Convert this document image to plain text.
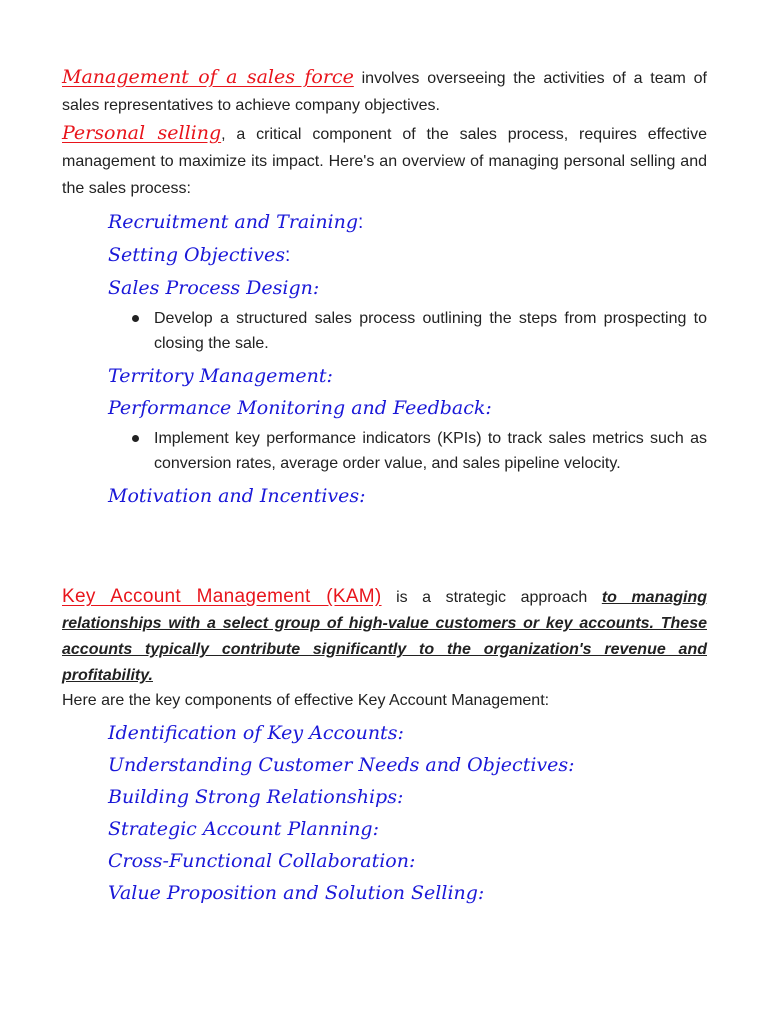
Management of a sales force involves overseeing the activities of a team of sales representatives to achieve company objectives.

Personal selling, a critical component of the sales process, requires effective management to maximize its impact. Here's an overview of managing personal selling and the sales process:

Recruitment and Training:

Setting Objectives:

Sales Process Design:

Develop a structured sales process outlining the steps from prospecting to closing the sale.

Territory Management:

Performance Monitoring and Feedback:

Implement key performance indicators (KPIs) to track sales metrics such as conversion rates, average order value, and sales pipeline velocity.

Motivation and Incentives:

Key Account Management (KAM) is a strategic approach to managing relationships with a select group of high-value customers or key accounts. These accounts typically contribute significantly to the organization's revenue and profitability.

Here are the key components of effective Key Account Management:

Identification of Key Accounts:

Understanding Customer Needs and Objectives:

Building Strong Relationships:

Strategic Account Planning:

Cross-Functional Collaboration:

Value Proposition and Solution Selling:
